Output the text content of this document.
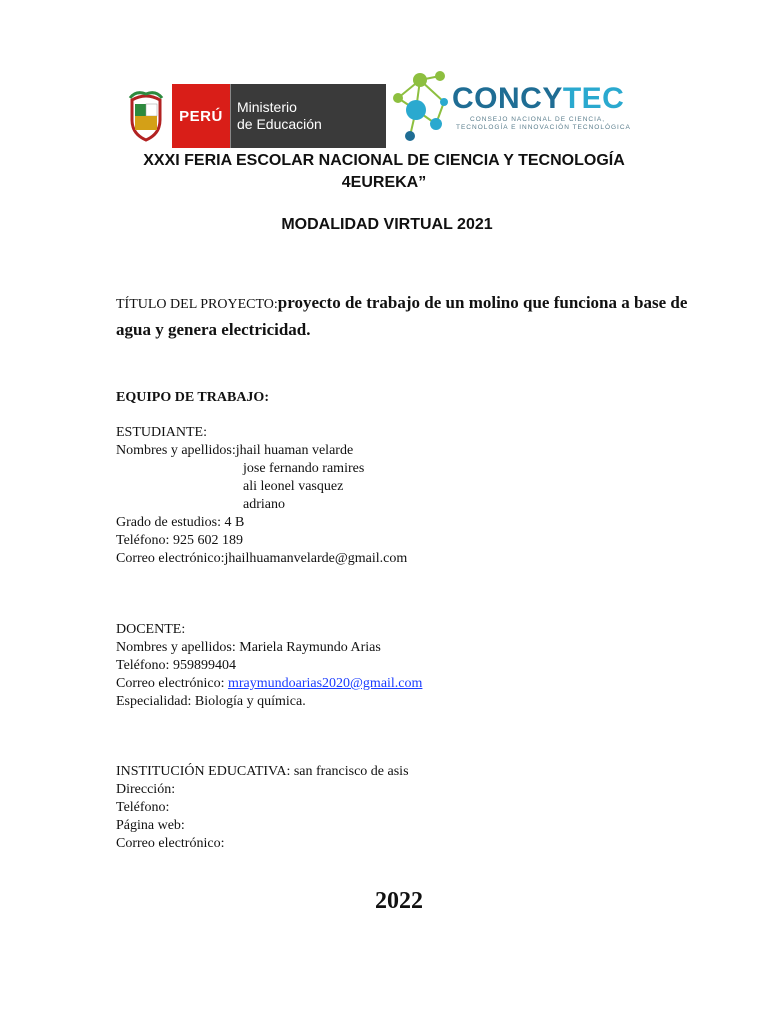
PERÚ
Ministerio
de Educación
CONCYTEC
CONSEJO NACIONAL DE CIENCIA,
TECNOLOGÍA E INNOVACIÓN TECNOLÓGICA
XXXI FERIA ESCOLAR NACIONAL DE CIENCIA Y TECNOLOGÍA
4EUREKA”
MODALIDAD VIRTUAL 2021
TÍTULO DEL PROYECTO:proyecto de trabajo de un molino que funciona a base de agua y genera electricidad.
EQUIPO DE TRABAJO:
ESTUDIANTE:
Nombres y apellidos:jhail huaman velarde
jose fernando ramires
ali leonel vasquez
adriano
Grado de estudios: 4 B
Teléfono: 925 602 189
Correo electrónico:jhailhuamanvelarde@gmail.com
DOCENTE:
Nombres y apellidos: Mariela Raymundo Arias
Teléfono: 959899404
Correo electrónico: mraymundoarias2020@gmail.com
Especialidad: Biología y química.
INSTITUCIÓN EDUCATIVA: san francisco de asis
Dirección:
Teléfono:
Página web:
Correo electrónico:
2022
